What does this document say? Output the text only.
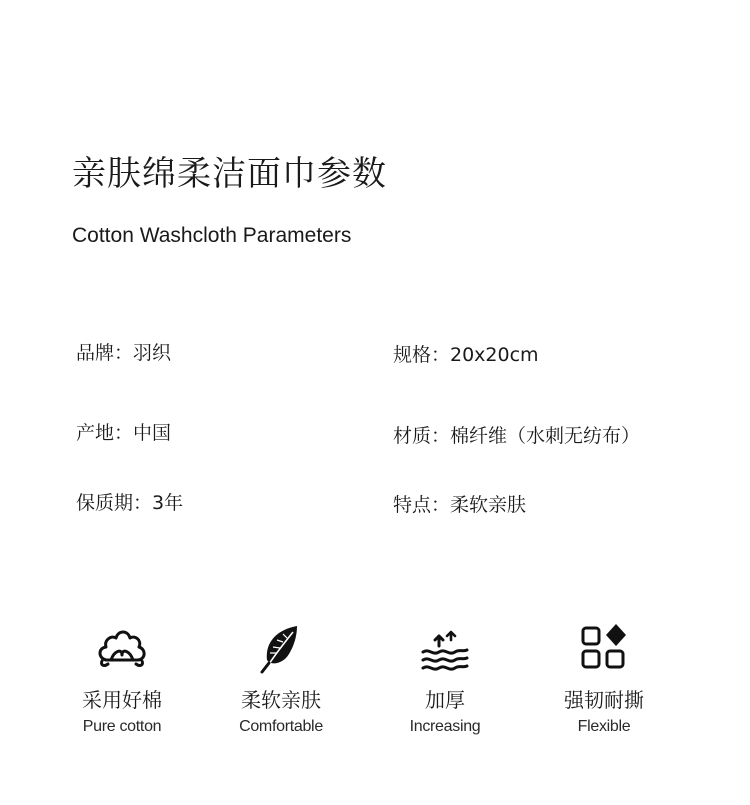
亲肤绵柔洁面巾参数
Cotton Washcloth Parameters
品牌：羽织	规格：20x20cm
产地：中国	材质：棉纤维（水刺无纺布）
保质期：3年	特点：柔软亲肤
采用好棉
Pure cotton
柔软亲肤
Comfortable
加厚
Increasing
强韧耐撕
Flexible
